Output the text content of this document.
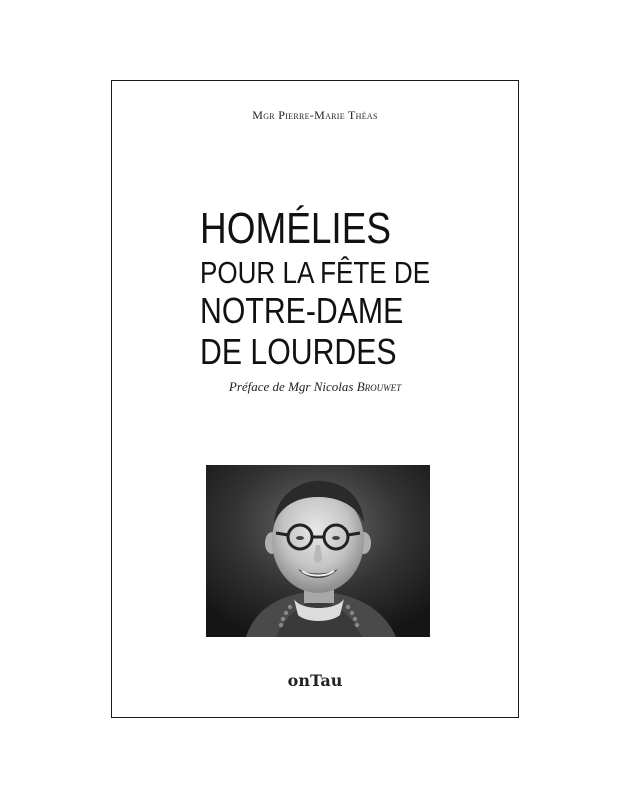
Mgr Pierre-Marie Théas
HOMÉLIES
POUR LA FÊTE DE
NOTRE-DAME
DE LOURDES
Préface de Mgr Nicolas Brouwet
onTau
